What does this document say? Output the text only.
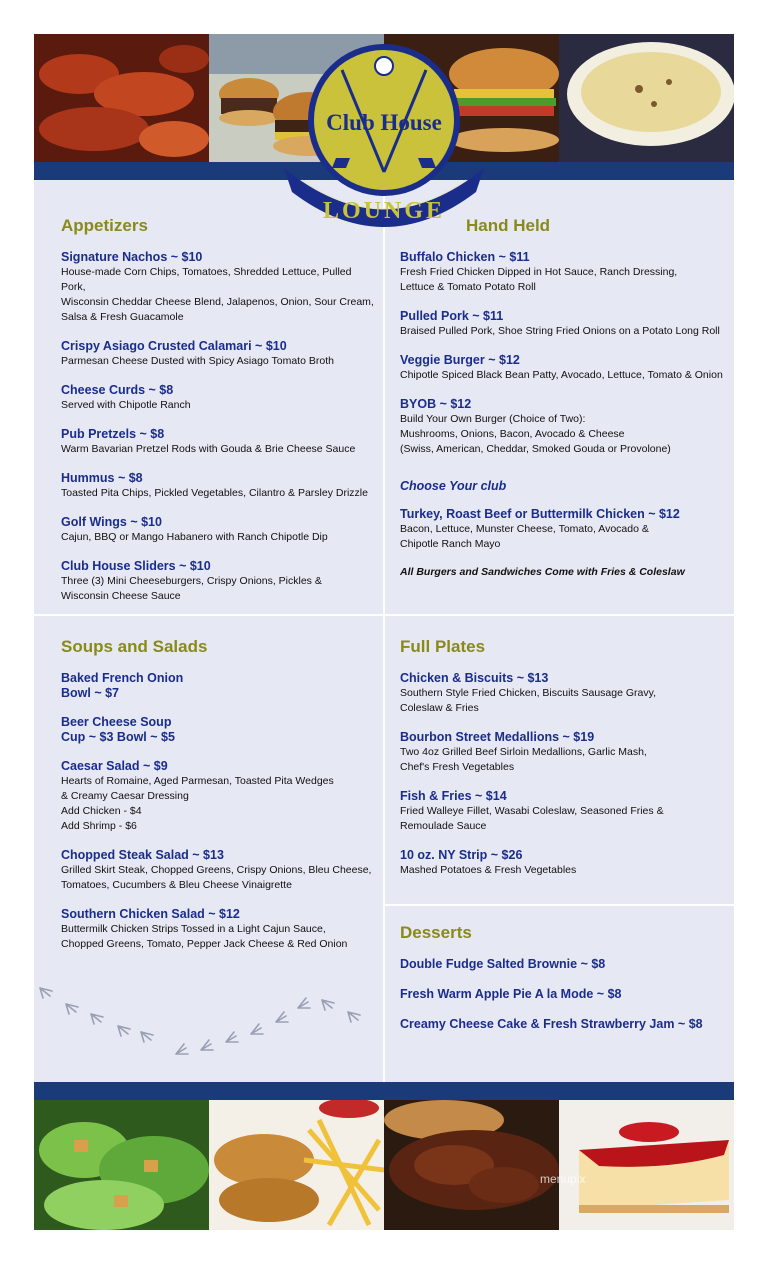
LOUNGE
Club House
Appetizers
Signature Nachos ~ $10
House-made Corn Chips, Tomatoes, Shredded Lettuce, Pulled Pork,
Wisconsin Cheddar Cheese Blend, Jalapenos, Onion, Sour Cream,
Salsa & Fresh Guacamole
Crispy Asiago Crusted Calamari ~ $10
Parmesan Cheese Dusted with Spicy Asiago Tomato Broth
Cheese Curds ~ $8
Served with Chipotle Ranch
Pub Pretzels ~ $8
Warm Bavarian Pretzel Rods with Gouda & Brie Cheese Sauce
Hummus ~ $8
Toasted Pita Chips, Pickled Vegetables, Cilantro & Parsley Drizzle
Golf Wings ~ $10
Cajun, BBQ or Mango Habanero with Ranch Chipotle Dip
Club House Sliders ~ $10
Three (3) Mini Cheeseburgers, Crispy Onions, Pickles &
Wisconsin Cheese Sauce
Hand Held
Buffalo Chicken ~ $11
Fresh Fried Chicken Dipped in Hot Sauce, Ranch Dressing,
Lettuce & Tomato Potato Roll
Pulled Pork ~ $11
Braised Pulled Pork, Shoe String Fried Onions on a Potato Long Roll
Veggie Burger ~ $12
Chipotle Spiced Black Bean Patty, Avocado, Lettuce, Tomato & Onion
BYOB ~ $12
Build Your Own Burger (Choice of Two):
Mushrooms, Onions, Bacon, Avocado & Cheese
(Swiss, American, Cheddar, Smoked Gouda or Provolone)
Choose Your club
Turkey, Roast Beef or Buttermilk Chicken ~ $12
Bacon, Lettuce, Munster Cheese, Tomato, Avocado &
Chipotle Ranch Mayo
All Burgers and Sandwiches Come with Fries & Coleslaw
Soups and Salads
Baked French Onion
Bowl ~ $7
Beer Cheese Soup
Cup ~ $3 Bowl ~ $5
Caesar Salad ~ $9
Hearts of Romaine, Aged Parmesan, Toasted Pita Wedges
& Creamy Caesar Dressing
Add Chicken - $4
Add Shrimp - $6
Chopped Steak Salad ~ $13
Grilled Skirt Steak, Chopped Greens, Crispy Onions, Bleu Cheese,
Tomatoes, Cucumbers & Bleu Cheese Vinaigrette
Southern Chicken Salad ~ $12
Buttermilk Chicken Strips Tossed in a Light Cajun Sauce,
Chopped Greens, Tomato, Pepper Jack Cheese & Red Onion
Full Plates
Chicken & Biscuits ~ $13
Southern Style Fried Chicken, Biscuits Sausage Gravy,
Coleslaw & Fries
Bourbon Street Medallions ~ $19
Two 4oz Grilled Beef Sirloin Medallions, Garlic Mash,
Chef's Fresh Vegetables
Fish & Fries ~ $14
Fried Walleye Fillet, Wasabi Coleslaw, Seasoned Fries &
Remoulade Sauce
10 oz. NY Strip ~ $26
Mashed Potatoes & Fresh Vegetables
Desserts
Double Fudge Salted Brownie ~ $8
Fresh Warm Apple Pie A la Mode ~ $8
Creamy Cheese Cake & Fresh Strawberry Jam ~ $8
menupix
